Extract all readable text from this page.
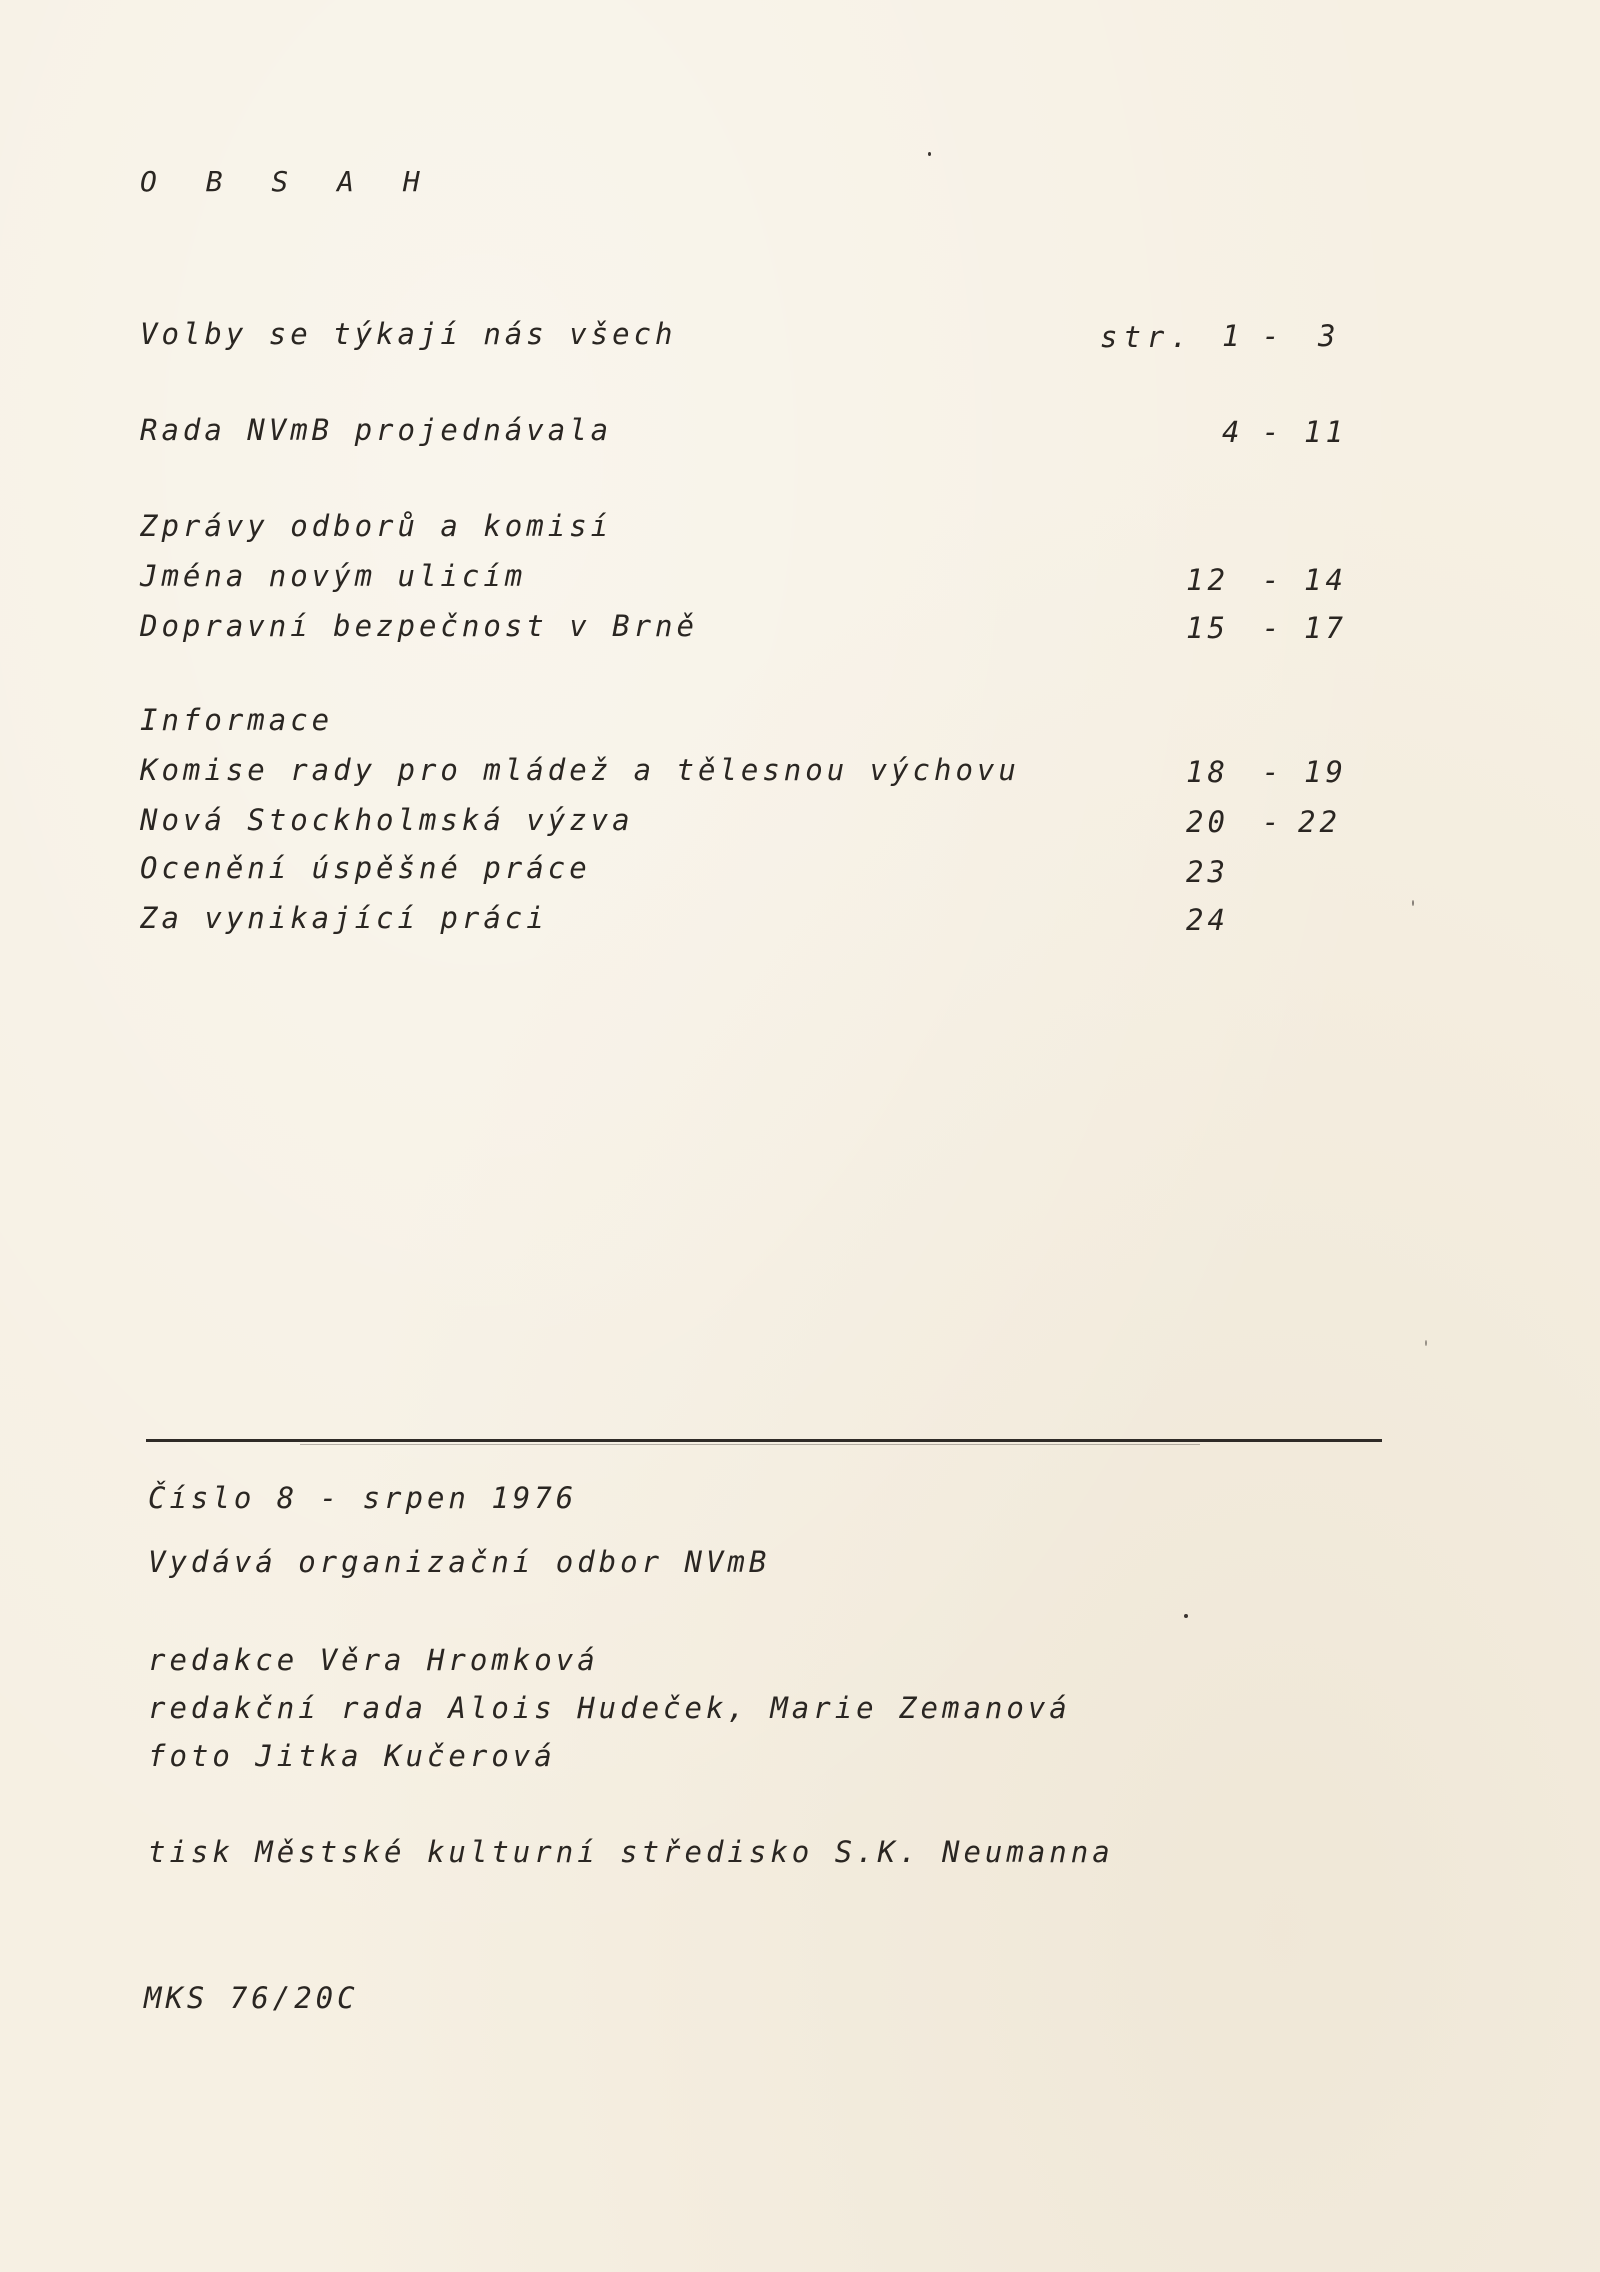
O B S A H
str.
Volby se týkají nás všech	1 - 3
Rada NVmB projednávala	4 - 11
Zprávy odborů a komisí
Jména novým ulicím	12	- 14
Dopravní bezpečnost v Brně	15	- 17
Informace
Komise rady pro mládež a tělesnou výchovu	18	- 19
Nová Stockholmská výzva	20	- 22
Ocenění úspěšné práce	23
Za vynikající práci	24
Číslo 8 - srpen 1976
Vydává organizační odbor NVmB
redakce Věra Hromková
redakční rada Alois Hudeček, Marie Zemanová
foto Jitka Kučerová
tisk Městské kulturní středisko S.K. Neumanna
MKS 76/20C
